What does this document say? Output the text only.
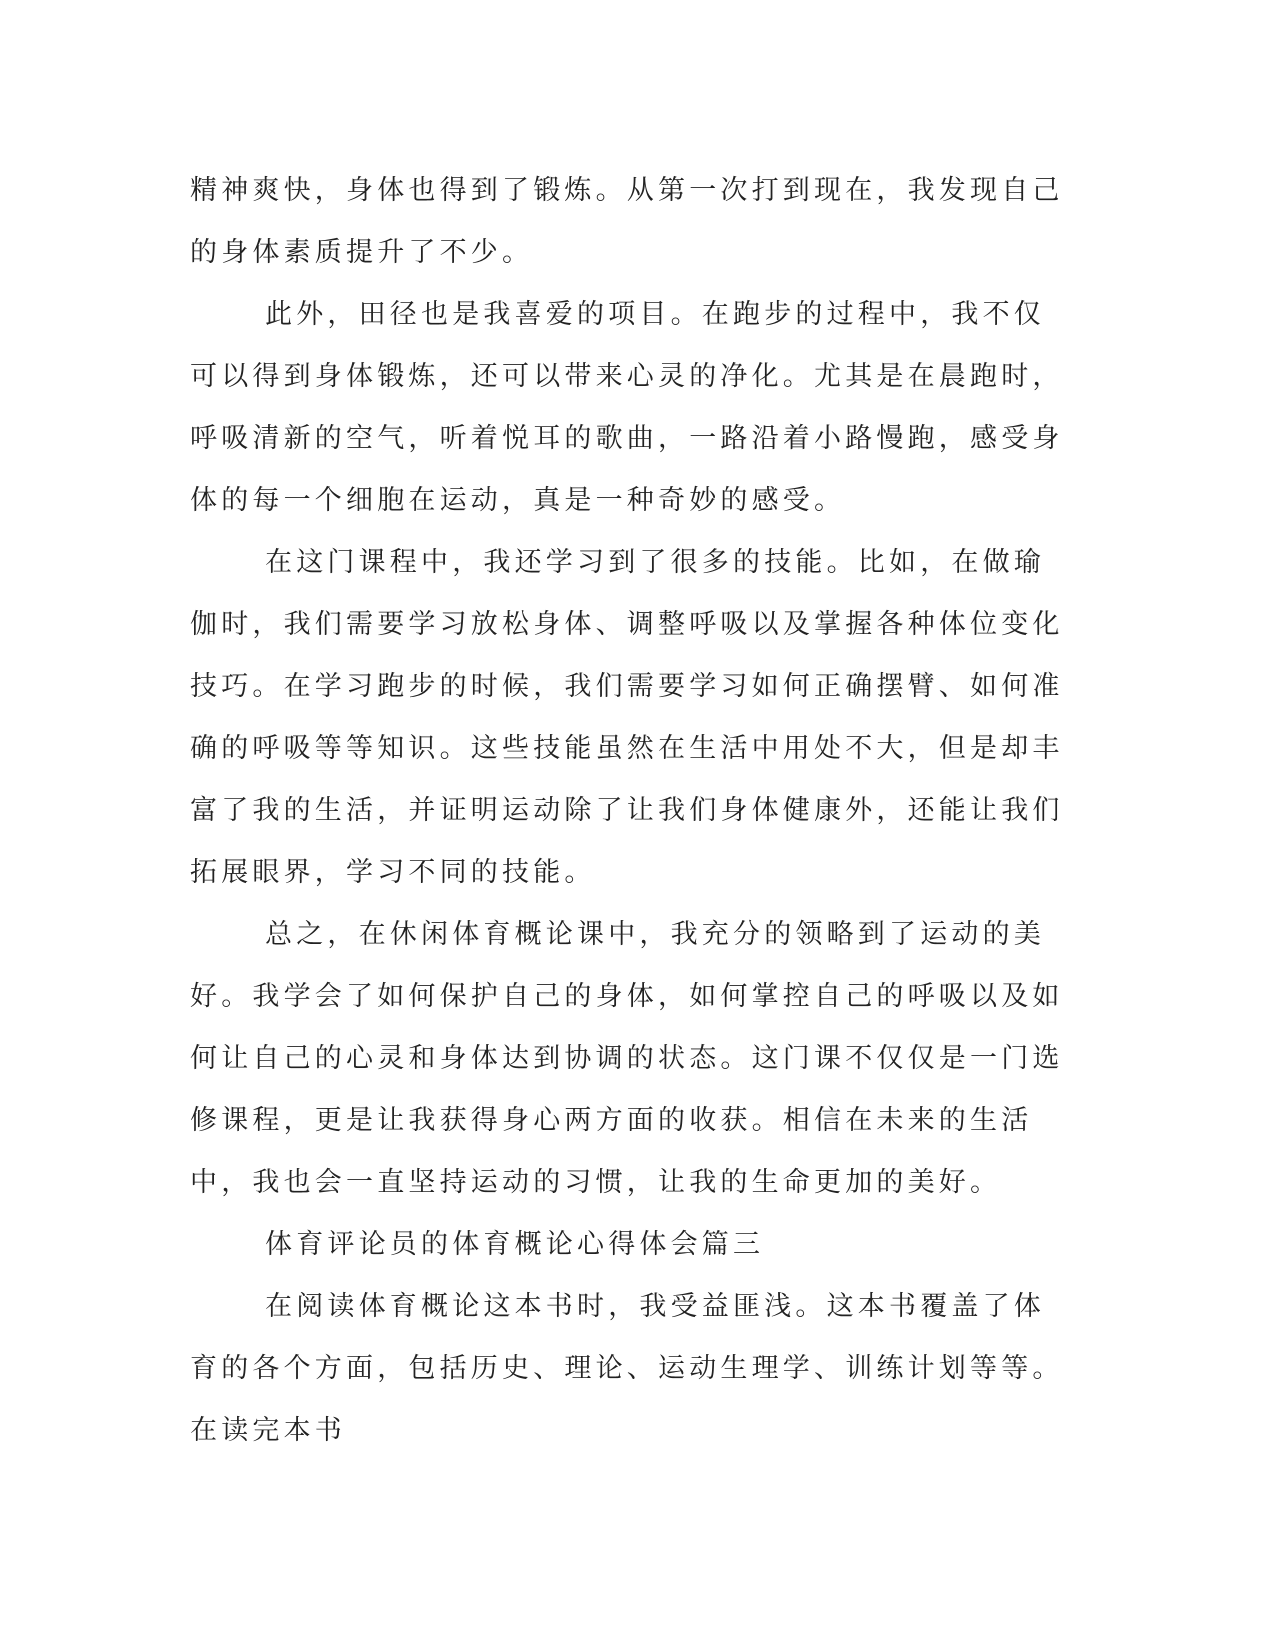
精神爽快，身体也得到了锻炼。从第一次打到现在，我发现自己的身体素质提升了不少。

此外，田径也是我喜爱的项目。在跑步的过程中，我不仅可以得到身体锻炼，还可以带来心灵的净化。尤其是在晨跑时，呼吸清新的空气，听着悦耳的歌曲，一路沿着小路慢跑，感受身体的每一个细胞在运动，真是一种奇妙的感受。

在这门课程中，我还学习到了很多的技能。比如，在做瑜伽时，我们需要学习放松身体、调整呼吸以及掌握各种体位变化技巧。在学习跑步的时候，我们需要学习如何正确摆臂、如何准确的呼吸等等知识。这些技能虽然在生活中用处不大，但是却丰富了我的生活，并证明运动除了让我们身体健康外，还能让我们拓展眼界，学习不同的技能。

总之，在休闲体育概论课中，我充分的领略到了运动的美好。我学会了如何保护自己的身体，如何掌控自己的呼吸以及如何让自己的心灵和身体达到协调的状态。这门课不仅仅是一门选修课程，更是让我获得身心两方面的收获。相信在未来的生活中，我也会一直坚持运动的习惯，让我的生命更加的美好。

体育评论员的体育概论心得体会篇三

在阅读体育概论这本书时，我受益匪浅。这本书覆盖了体育的各个方面，包括历史、理论、运动生理学、训练计划等等。在读完本书
